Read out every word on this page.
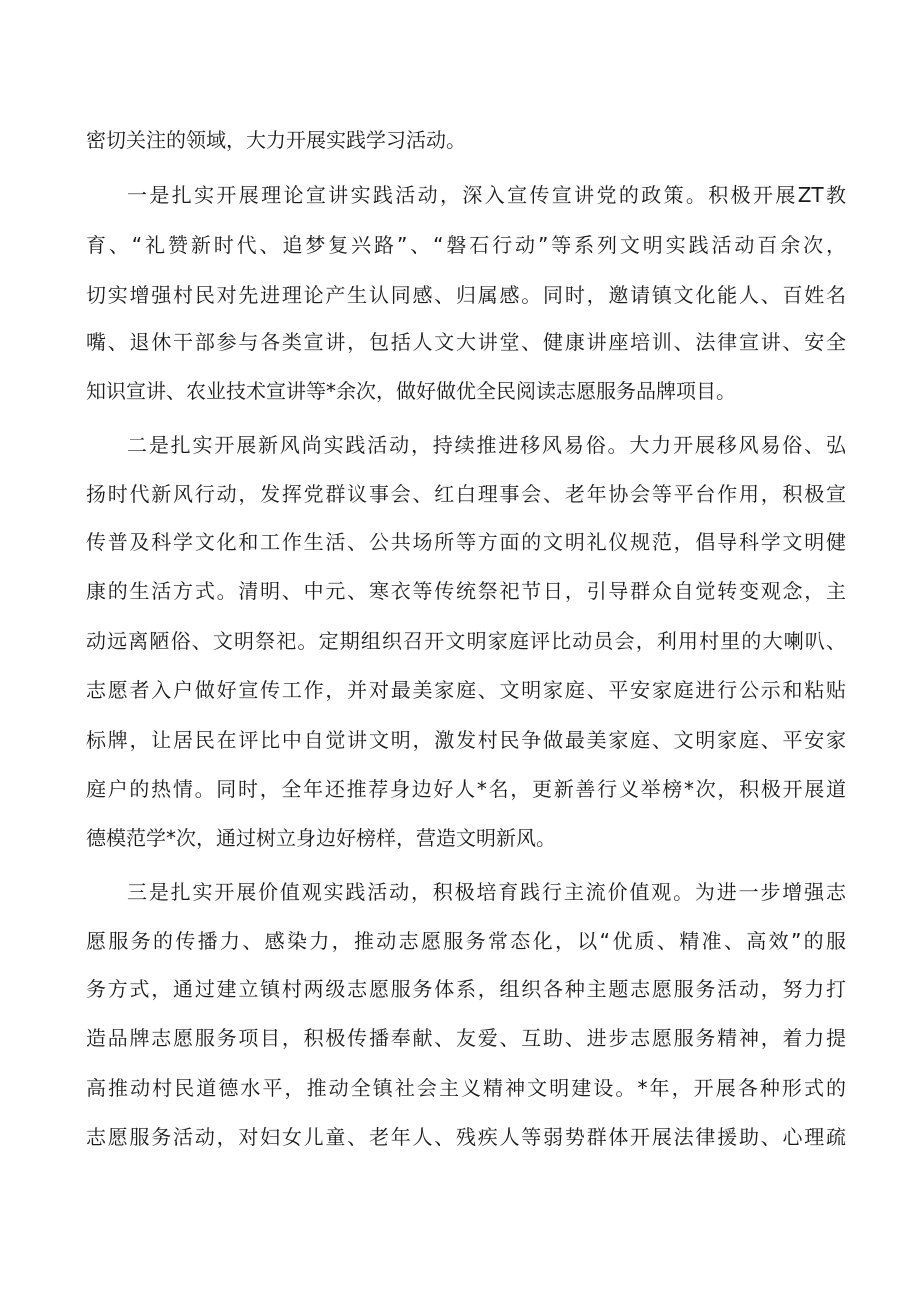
密切关注的领域，大力开展实践学习活动。
一是扎实开展理论宣讲实践活动，深入宣传宣讲党的政策。积极开展ZT教
育、“礼赞新时代、追梦复兴路”、“磐石行动”等系列文明实践活动百余次，
切实增强村民对先进理论产生认同感、归属感。同时，邀请镇文化能人、百姓名
嘴、退休干部参与各类宣讲，包括人文大讲堂、健康讲座培训、法律宣讲、安全
知识宣讲、农业技术宣讲等*余次，做好做优全民阅读志愿服务品牌项目。
二是扎实开展新风尚实践活动，持续推进移风易俗。大力开展移风易俗、弘
扬时代新风行动，发挥党群议事会、红白理事会、老年协会等平台作用，积极宣
传普及科学文化和工作生活、公共场所等方面的文明礼仪规范，倡导科学文明健
康的生活方式。清明、中元、寒衣等传统祭祀节日，引导群众自觉转变观念，主
动远离陋俗、文明祭祀。定期组织召开文明家庭评比动员会，利用村里的大喇叭、
志愿者入户做好宣传工作，并对最美家庭、文明家庭、平安家庭进行公示和粘贴
标牌，让居民在评比中自觉讲文明，激发村民争做最美家庭、文明家庭、平安家
庭户的热情。同时，全年还推荐身边好人*名，更新善行义举榜*次，积极开展道
德模范学*次，通过树立身边好榜样，营造文明新风。
三是扎实开展价值观实践活动，积极培育践行主流价值观。为进一步增强志
愿服务的传播力、感染力，推动志愿服务常态化，以“优质、精准、高效”的服
务方式，通过建立镇村两级志愿服务体系，组织各种主题志愿服务活动，努力打
造品牌志愿服务项目，积极传播奉献、友爱、互助、进步志愿服务精神，着力提
高推动村民道德水平，推动全镇社会主义精神文明建设。*年，开展各种形式的
志愿服务活动，对妇女儿童、老年人、残疾人等弱势群体开展法律援助、心理疏
